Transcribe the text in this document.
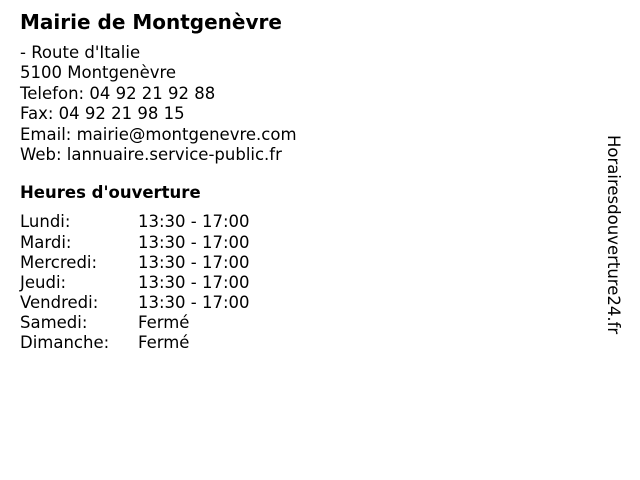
Mairie de Montgenèvre
- Route d'Italie
5100 Montgenèvre
Telefon: 04 92 21 92 88
Fax: 04 92 21 98 15
Email: mairie@montgenevre.com
Web: lannuaire.service-public.fr
Heures d'ouverture
Lundi:	13:30 - 17:00
Mardi:	13:30 - 17:00
Mercredi:	13:30 - 17:00
Jeudi:	13:30 - 17:00
Vendredi:	13:30 - 17:00
Samedi:	Fermé
Dimanche:	Fermé
Horairesdouverture24.fr
